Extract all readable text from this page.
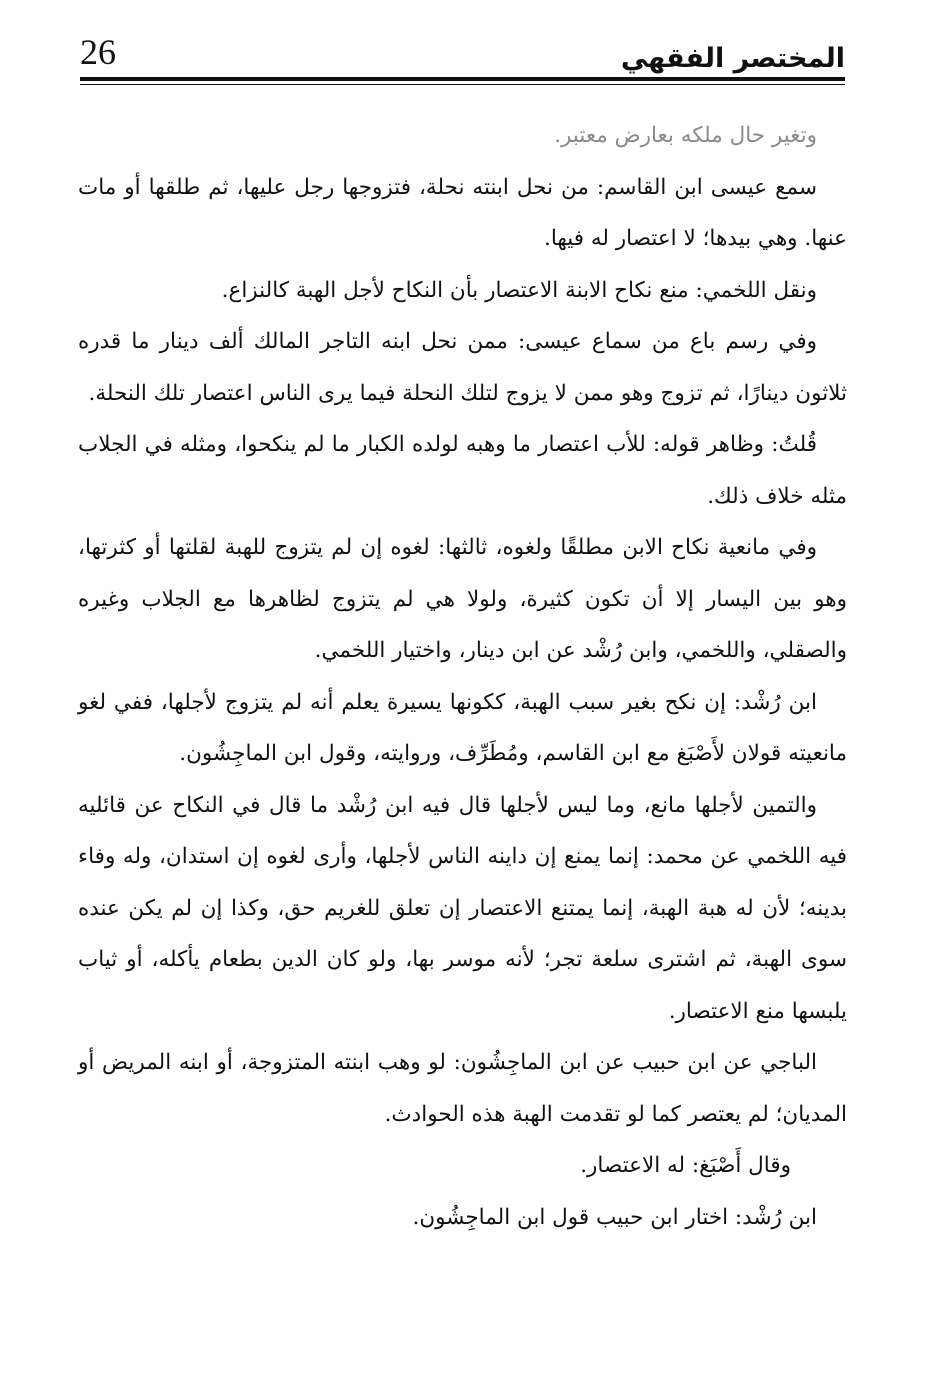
26	المختصر الفقهي

وتغير حال ملكه بعارض معتبر.

سمع عيسى ابن القاسم: من نحل ابنته نحلة، فتزوجها رجل عليها، ثم طلقها أو مات عنها. وهي بيدها؛ لا اعتصار له فيها.

ونقل اللخمي: منع نكاح الابنة الاعتصار بأن النكاح لأجل الهبة كالنزاع.

وفي رسم باع من سماع عيسى: ممن نحل ابنه التاجر المالك ألف دينار ما قدره ثلاثون دينارًا، ثم تزوج وهو ممن لا يزوج لتلك النحلة فيما يرى الناس اعتصار تلك النحلة.

قُلتُ: وظاهر قوله: للأب اعتصار ما وهبه لولده الكبار ما لم ينكحوا، ومثله في الجلاب مثله خلاف ذلك.

وفي مانعية نكاح الابن مطلقًا ولغوه، ثالثها: لغوه إن لم يتزوج للهبة لقلتها أو كثرتها، وهو بين اليسار إلا أن تكون كثيرة، ولولا هي لم يتزوج لظاهرها مع الجلاب وغيره والصقلي، واللخمي، وابن رُشْد عن ابن دينار، واختيار اللخمي.

ابن رُشْد: إن نكح بغير سبب الهبة، ككونها يسيرة يعلم أنه لم يتزوج لأجلها، ففي لغو مانعيته قولان لأَصْبَغ مع ابن القاسم، ومُطَرِّف، وروايته، وقول ابن الماجِشُون.

والتمين لأجلها مانع، وما ليس لأجلها قال فيه ابن رُشْد ما قال في النكاح عن قائليه فيه اللخمي عن محمد: إنما يمنع إن داينه الناس لأجلها، وأرى لغوه إن استدان، وله وفاء بدينه؛ لأن له هبة الهبة، إنما يمتنع الاعتصار إن تعلق للغريم حق، وكذا إن لم يكن عنده سوى الهبة، ثم اشترى سلعة تجر؛ لأنه موسر بها، ولو كان الدين بطعام يأكله، أو ثياب يلبسها منع الاعتصار.

الباجي عن ابن حبيب عن ابن الماجِشُون: لو وهب ابنته المتزوجة، أو ابنه المريض أو المديان؛ لم يعتصر كما لو تقدمت الهبة هذه الحوادث.

وقال أَصْبَغ: له الاعتصار.

ابن رُشْد: اختار ابن حبيب قول ابن الماجِشُون.
